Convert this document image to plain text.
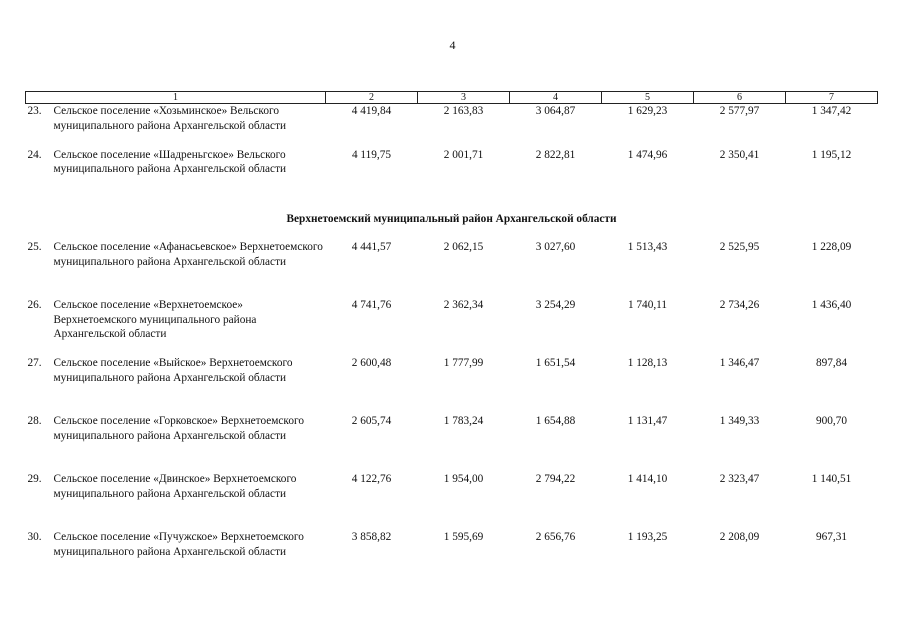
4
1	2	3	4	5	6	7

23. Сельское поселение «Хозьминское» Вельского муниципального района Архангельской области	4 419,84	2 163,83	3 064,87	1 629,23	2 577,97	1 347,42

24. Сельское поселение «Шадреньгское» Вельского муниципального района Архангельской области	4 119,75	2 001,71	2 822,81	1 474,96	2 350,41	1 195,12

Верхнетоемский муниципальный район Архангельской области						

25. Сельское поселение «Афанасьевское» Верхнетоемского муниципального района Архангельской области	4 441,57	2 062,15	3 027,60	1 513,43	2 525,95	1 228,09

26. Сельское поселение «Верхнетоемское» Верхнетоемского муниципального района Архангельской области	4 741,76	2 362,34	3 254,29	1 740,11	2 734,26	1 436,40

27. Сельское поселение «Выйское» Верхнетоемского муниципального района Архангельской области	2 600,48	1 777,99	1 651,54	1 128,13	1 346,47	897,84

28. Сельское поселение «Горковское» Верхнетоемского муниципального района Архангельской области	2 605,74	1 783,24	1 654,88	1 131,47	1 349,33	900,70

29. Сельское поселение «Двинское» Верхнетоемского муниципального района Архангельской области	4 122,76	1 954,00	2 794,22	1 414,10	2 323,47	1 140,51

30. Сельское поселение «Пучужское» Верхнетоемского муниципального района Архангельской области	3 858,82	1 595,69	2 656,76	1 193,25	2 208,09	967,31
